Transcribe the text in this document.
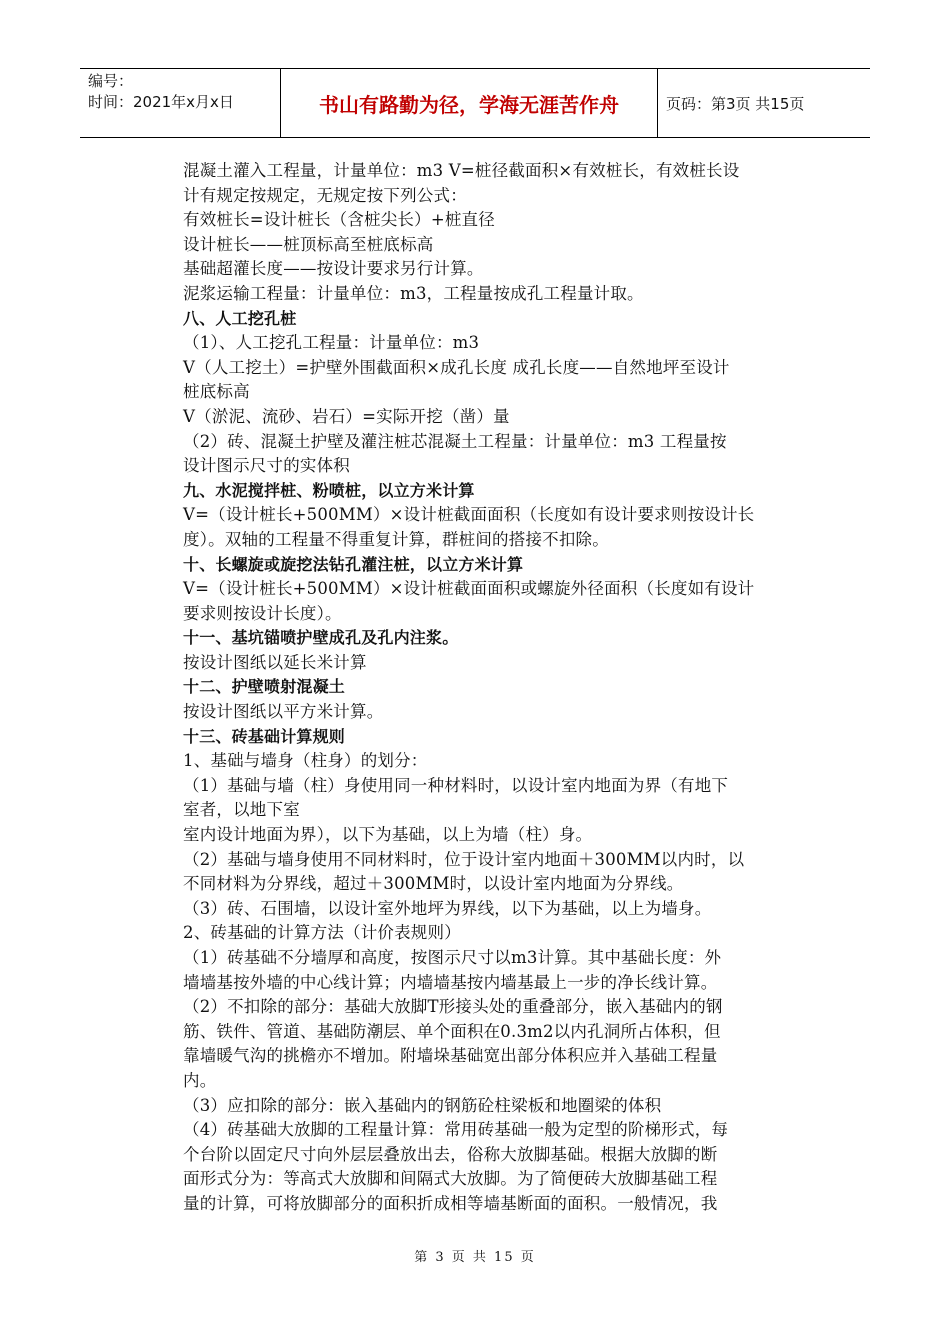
编号：
时间：2021年x月x日	书山有路勤为径，学海无涯苦作舟	页码：第3页 共15页
混凝土灌入工程量，计量单位：m3 V=桩径截面积×有效桩长，有效桩长设
计有规定按规定，无规定按下列公式：
有效桩长=设计桩长（含桩尖长）+桩直径
设计桩长——桩顶标高至桩底标高
基础超灌长度——按设计要求另行计算。
泥浆运输工程量：计量单位：m3，工程量按成孔工程量计取。
八、人工挖孔桩
（1）、人工挖孔工程量：计量单位：m3
V（人工挖土）=护壁外围截面积×成孔长度 成孔长度——自然地坪至设计
桩底标高
V（淤泥、流砂、岩石）=实际开挖（凿）量
（2）砖、混凝土护壁及灌注桩芯混凝土工程量：计量单位：m3 工程量按
设计图示尺寸的实体积
九、水泥搅拌桩、粉喷桩，以立方米计算
V=（设计桩长+500MM）×设计桩截面面积（长度如有设计要求则按设计长
度）。双轴的工程量不得重复计算，群桩间的搭接不扣除。
十、长螺旋或旋挖法钻孔灌注桩，以立方米计算
V=（设计桩长+500MM）×设计桩截面面积或螺旋外径面积（长度如有设计
要求则按设计长度）。
十一、基坑锚喷护壁成孔及孔内注浆。
按设计图纸以延长米计算
十二、护壁喷射混凝土
按设计图纸以平方米计算。
十三、砖基础计算规则
1、基础与墙身（柱身）的划分：
（1）基础与墙（柱）身使用同一种材料时，以设计室内地面为界（有地下
室者，以地下室
室内设计地面为界），以下为基础，以上为墙（柱）身。
（2）基础与墙身使用不同材料时，位于设计室内地面＋300MM以内时，以
不同材料为分界线，超过＋300MM时，以设计室内地面为分界线。
（3）砖、石围墙，以设计室外地坪为界线，以下为基础，以上为墙身。
2、砖基础的计算方法（计价表规则）
（1）砖基础不分墙厚和高度，按图示尺寸以m3计算。其中基础长度：外
墙墙基按外墙的中心线计算；内墙墙基按内墙基最上一步的净长线计算。
（2）不扣除的部分：基础大放脚T形接头处的重叠部分，嵌入基础内的钢
筋、铁件、管道、基础防潮层、单个面积在0.3m2以内孔洞所占体积，但
靠墙暖气沟的挑檐亦不增加。附墙垛基础宽出部分体积应并入基础工程量
内。
（3）应扣除的部分：嵌入基础内的钢筋砼柱梁板和地圈梁的体积
（4）砖基础大放脚的工程量计算：常用砖基础一般为定型的阶梯形式，每
个台阶以固定尺寸向外层层叠放出去，俗称大放脚基础。根据大放脚的断
面形式分为：等高式大放脚和间隔式大放脚。为了简便砖大放脚基础工程
量的计算，可将放脚部分的面积折成相等墙基断面的面积。一般情况，我
第 3 页 共 15 页
